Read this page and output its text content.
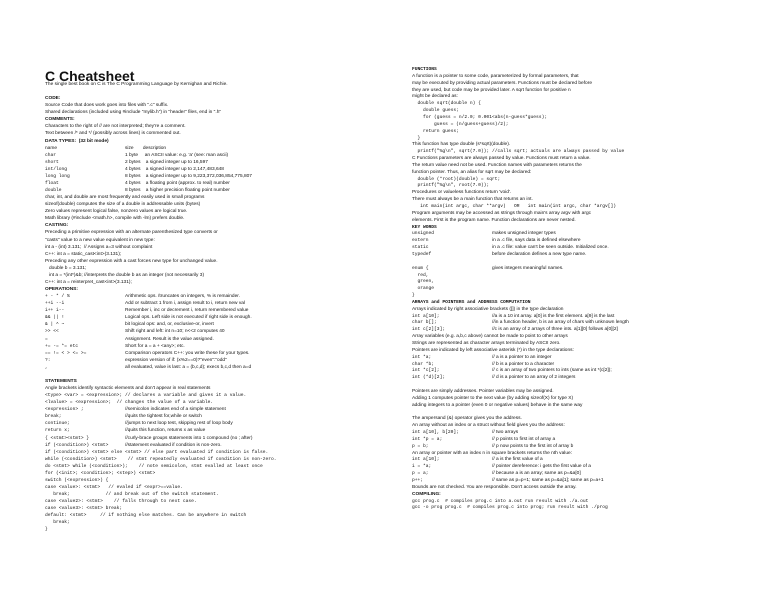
C Cheatsheet
The single best book on C is The C Programming Language by Kernighan and Richie.
CODE:
Source Code that does work goes into files with ".c" suffix.
Shared declarations (included using #include "mylib.h") in "header" files, end in ".h"
COMMENTS:
Characters to the right of // are not interpreted; they're a comment.
Text between /* and */ (possibly across lines) is commented out.
DATA TYPES:  (32 bit mode)
name	size       description
char	1 byte     an ASCII value: e.g. 'a' (see: man ascii)
short	2 bytes    a signed integer up to 16,597
int/long	4 bytes    a signed integer up to 2,147,483,648
long long	8 bytes    a signed integer up to 9,223,372,036,854,775,807
float	4 bytes    a floating point (approx. to real) number
double	8 bytes    a higher precision floating point number
char, int, and double are most frequently and easily used in small programs
sizeof(double) computes the size of a double in addressable units (bytes)
Zero values represent logical false, nonzero values are logical true.
Math library (#include <math.h>, compile with -lm) prefers double.
CASTING:
Preceding a primitive expression with an alternate parenthesized type converts or
"casts" value to a new value equivalent in new type:
int a - (int) 3.131;  // Assigns a=3 without complaint
C++: int a = static_cast<int>(3.131);
Preceding any other expression with a cast forces new type for unchanged value.
double b = 3.131;
int a = *(int*)&b; //interprets the double b as an integer (not necessarily 3)
C++: int a = reinterpret_cast<int>(3.131);
OPERATIONS:
+ - * / %	Arithmetic ops. /truncates on integers, % is remainder.
++i --i	Add or subtract 1 from i, assign result to i, return new val
i++ i--	Remember i, inc or decrement i, return remembered value
&& || !	Logical ops. Left side is not executed if right side is enough.
& | ^ ~	bit logical ops: and, or, exclusive-or, invert
>> <<	Shift right and left: int n=10; n<<2 computes 40
=	Assignment. Result is the value assigned.
+= -= *= etc	Short for a = a + <any>; etc.
== != < > <= >=	Comparison operators C++: you write these for your types.
?:	expression version of if: (x%2==0)?"even":"odd"
,	all evaluated, value is last: a = (b,c,d); execs b,c,d then a=d
STATEMENTS
Angle brackets identify syntactic elements and don't appear in real statements
<type> <var> = <expression>; // declares a variable and gives it a value.
<lvalue> = <expression>;  // changes the value of a variable.
<expression> ;	//semicolon indicates end of a simple statement
break;	//quits the tightest for,while or switch
continue;	//jumps to next loop test, skipping rest of loop body
return x;	//quits this function, returns x as value
{ <stmt><stmt> }	//curly-brace groups statements into 1 compound (no ; after)
if (<condition>) <stmt>	//statement evaluated if condition is non-zero.
if (<condition>) <stmt> else <stmt> // else part evaluated if condition is false.
while (<condition>) <stmt>    // stmt repeatedly evaluated if condition is non-zero.
do <stmt> while (<condition>);    // note semicolon, stmt evalled at least once
for (<init>; <condition>; <step>) <stmt>
switch (<expression>) {
case <value>: <stmt>   // evaled if <expr>==value.
break;             // and break out of the switch statement.
case <value2>: <stmt>    // falls through to next case.
case <value3>: <stmt> break;
default: <stmt>     // if nothing else matches. Can be anywhere in switch
break;
}
FUNCTIONS
A function is a pointer to some code, parameterized by formal parameters, that
may be executed by providing actual parameters. Functions must be declared before
they are used, but code may be provided later. A sqrt function for positive n
might be declared as:
double sqrt(double n) {
double guess;
for (guess = n/2.0; 0.001<abs(n-guess*guess);
guess = (n/guess+guess)/2);
return guess;
}
This function has type double (s*sqrt)(double).
printf("%g\n", sqrt(7.0)); //calls sqrt; actuals are always passed by value
C Functions parameters are always passed by value. Functions must return a value.
The return value need not be used. Function names with parameters returns the
function pointer. Thus, an alias for sqrt may be declared:
double (*root)(double) = sqrt;
printf("%g\n", root(7.0));
Procedures or valueless functions return 'void'.
There must always be a main function that returns an int.
int main(int argc, char **argv)   OR   int main(int argc, char *argv[])
Program arguments may be accessed as strings through main's array argv with argc
elements. First is the program name. Function declarations are never nested.
KEY WORDS
unsigned	makes unsigned integer types
extern	in a .c file, says data is defined elsewhere
static	in a .c file: value can't be seen outside. Initialized once.
typedef	before declaration defines a new type name.
enum {	gives integers meaningful names.
red,
green,
orange
}
ARRAYS and POINTERS and ADDRESS COMPUTATION
Arrays indicated by right associative brackets ([]) in the type declaration
int a[10];	//a is a 10 int array. a[0] is the first element. a[9] is the last
char b[];	//in a function header, b is an array of chars with unknown length
int c[2][3];	//c is an array of 2 arrays of three ints. a[1][0] follows a[0][2]
Array variables (e.g. a,b,c above) cannot be made to point to other arrays
Strings are represented as character arrays terminated by ASCII zero.
Pointers are indicated by left associative asterisk (*) in the type declarations:
int *a;	// a is a pointer to an integer
char *b;	// b is a pointer to a character
int *c[2];	// c is an array of two pointers to ints (same as int *(c[2]);
int (*d)[2];	// d is a pointer to an array of 2 integers
Pointers are simply addresses. Pointer variables may be assigned.
Adding 1 computes pointer to the next value (by adding sizeof(X) for type X)
adding integers to a pointer (even 0 or negative values) behave in the same way
The ampersand (&) operator gives you the address.
An array without an index or a struct without field gives you the address:
int a[10], b[20];	// two arrays
int *p = a;	// p points to first int of array a
p = b;	// p now points to the first int of array b
An array or pointer with an index n in square brackets returns the nth value:
int a[10];	// a is the first value of a
i = *a;	// pointer dereference: i gets the first value of a
p = a;	// because a is an array; same as p=&a[0]
p++;	// same as p=p+1; same as p=&a[1]; same as p=a+1
Bounds are not checked. You are responsible. Don't access outside the array.
COMPILING:
gcc prog.c  # compiles prog.c into a.out run result with ./a.out
gcc -o prog prog.c  # compiles prog.c into prog; run result with ./prog
